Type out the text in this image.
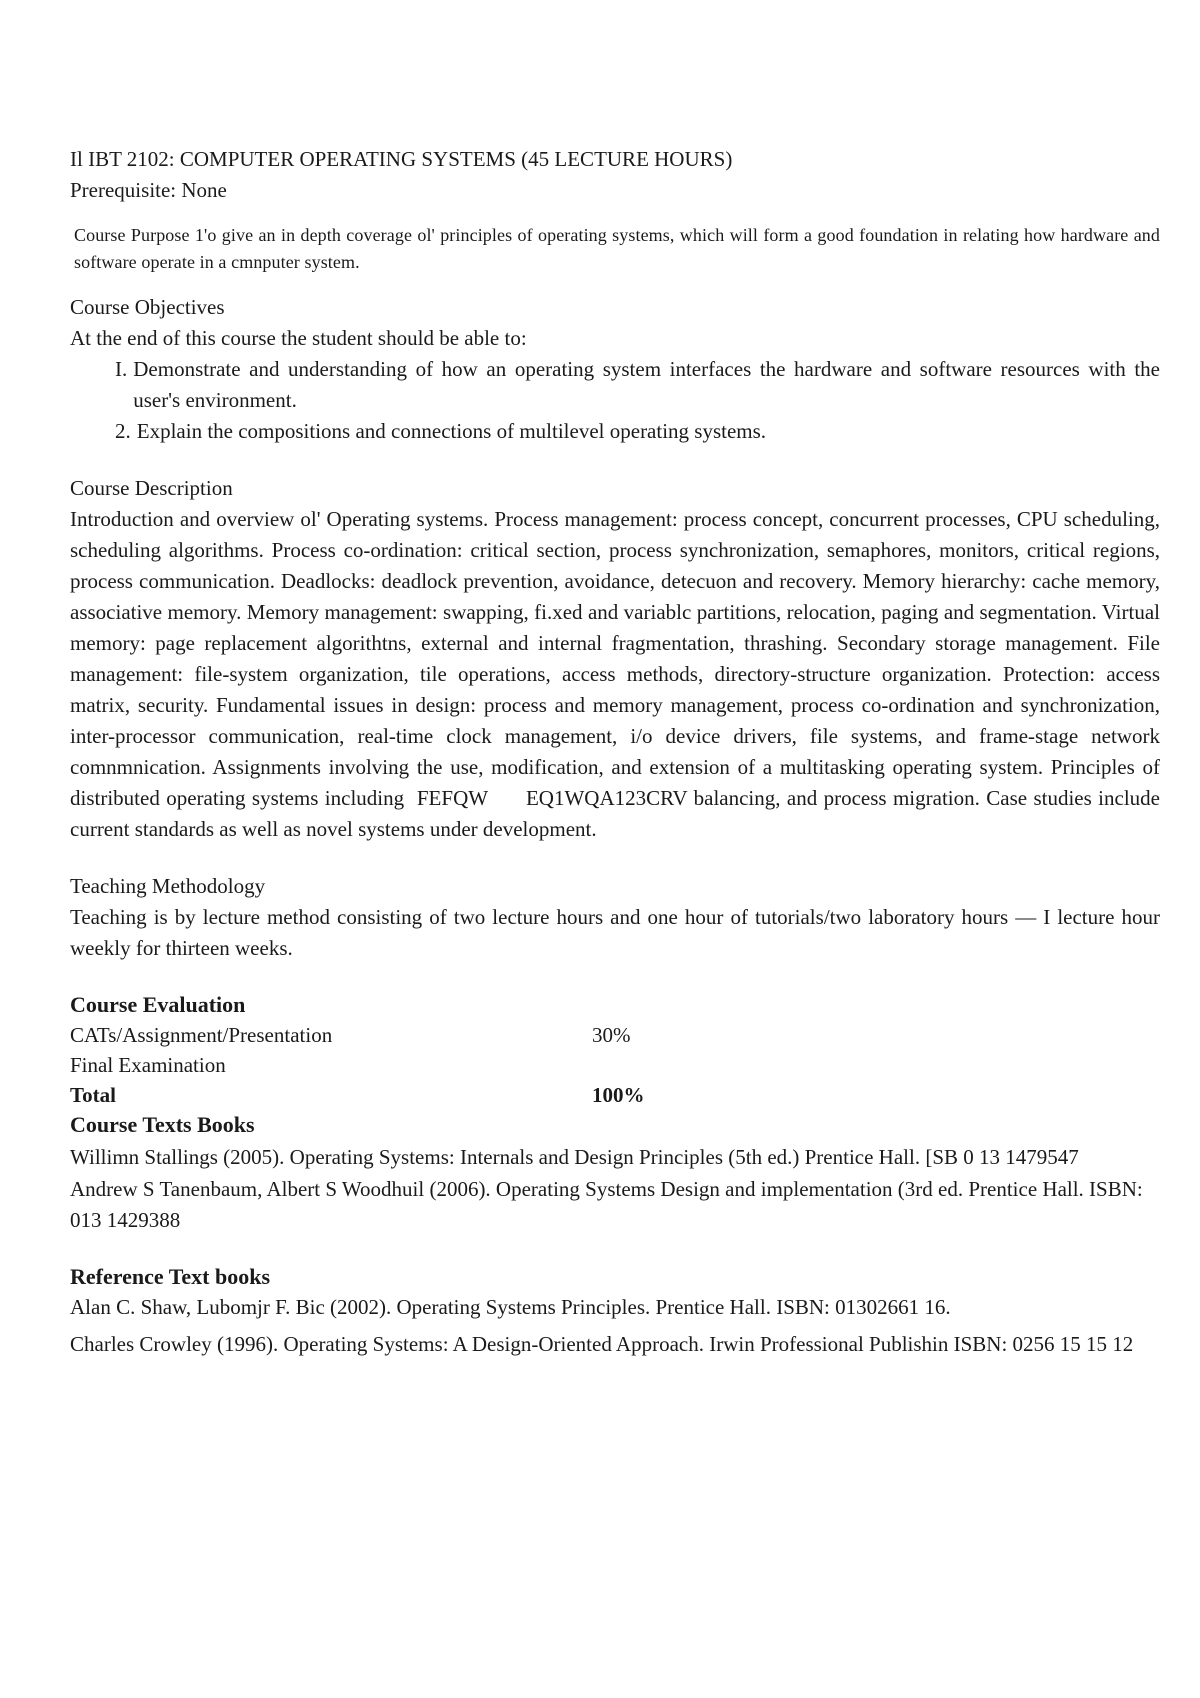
Il IBT 2102: COMPUTER OPERATING SYSTEMS (45 LECTURE HOURS)

Prerequisite: None

Course Purpose 1'o give an in depth coverage ol' principles of operating systems, which will form a good foundation in relating how hardware and software operate in a cmnputer system.

Course Objectives

At the end of this course the student should be able to:

I. Demonstrate and understanding of how an operating system interfaces the hardware and software resources with the user's environment.
2. Explain the compositions and connections of multilevel operating systems.

Course Description

Introduction and overview ol' Operating systems. Process management: process concept, concurrent processes, CPU scheduling, scheduling algorithms. Process co-ordination: critical section, process synchronization, semaphores, monitors, critical regions, process communication. Deadlocks: deadlock prevention, avoidance, detecuon and recovery. Memory hierarchy: cache memory, associative memory. Memory management: swapping, fi.xed and variablc partitions, relocation, paging and segmentation. Virtual memory: page replacement algorithtns, external and internal fragmentation, thrashing. Secondary storage management. File management: file-system organization, tile operations, access methods, directory-structure organization. Protection: access matrix, security. Fundamental issues in design: process and memory management, process co-ordination and synchronization, inter-processor communication, real-time clock management, i/o device drivers, file systems, and frame-stage network comnmnication. Assignments involving the use, modification, and extension of a multitasking operating system. Principles of distributed operating systems including  FEFQW      EQ1WQA123CRV balancing, and process migration. Case studies include current standards as well as novel systems under development.

Teaching Methodology

Teaching is by lecture method consisting of two lecture hours and one hour of tutorials/two laboratory hours — I lecture hour weekly for thirteen weeks.

Course Evaluation

CATs/Assignment/Presentation	30%
Final Examination
Total	100%

Course Texts Books

Willimn Stallings (2005). Operating Systems: Internals and Design Principles (5th ed.) Prentice Hall. [SB 0 13 1479547

Andrew S Tanenbaum, Albert S Woodhuil (2006). Operating Systems Design and implementation (3rd ed. Prentice Hall. ISBN: 013 1429388

Reference Text books

Alan C. Shaw, Lubomjr F. Bic (2002). Operating Systems Principles. Prentice Hall. ISBN: 01302661 16.

Charles Crowley (1996). Operating Systems: A Design-Oriented Approach. Irwin Professional Publishin ISBN: 0256 15 15 12
